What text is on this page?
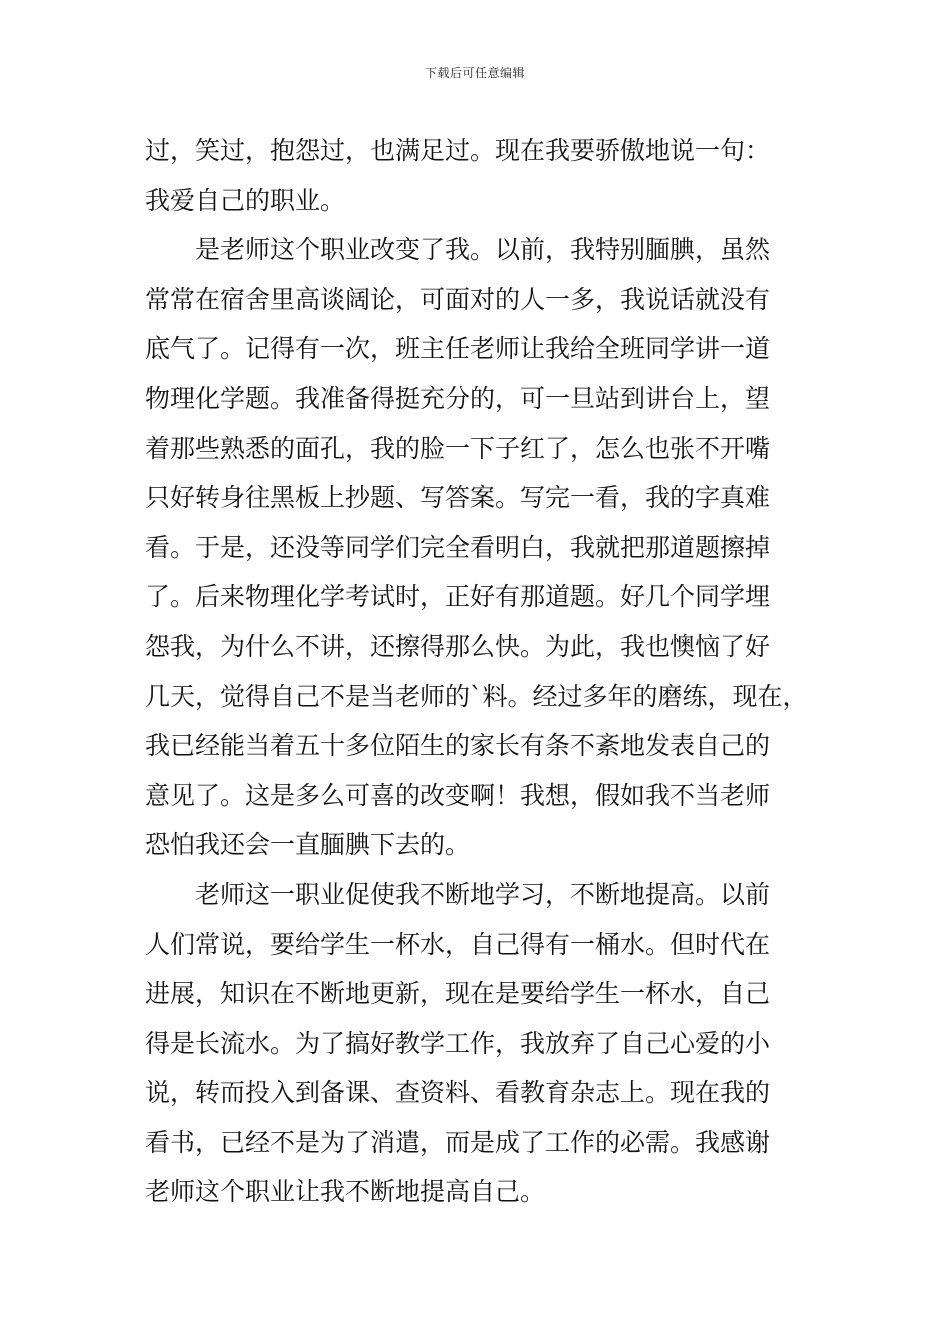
下载后可任意编辑
过，笑过，抱怨过，也满足过。现在我要骄傲地说一句：
我爱自己的职业。
是老师这个职业改变了我。以前，我特别腼腆，虽然
常常在宿舍里高谈阔论，可面对的人一多，我说话就没有
底气了。记得有一次，班主任老师让我给全班同学讲一道
物理化学题。我准备得挺充分的，可一旦站到讲台上，望
着那些熟悉的面孔，我的脸一下子红了，怎么也张不开嘴
只好转身往黑板上抄题、写答案。写完一看，我的字真难
看。于是，还没等同学们完全看明白，我就把那道题擦掉
了。后来物理化学考试时，正好有那道题。好几个同学埋
怨我，为什么不讲，还擦得那么快。为此，我也懊恼了好
几天，觉得自己不是当老师的`料。经过多年的磨练，现在，
我已经能当着五十多位陌生的家长有条不紊地发表自己的
意见了。这是多么可喜的改变啊！我想，假如我不当老师
恐怕我还会一直腼腆下去的。
老师这一职业促使我不断地学习，不断地提高。以前
人们常说，要给学生一杯水，自己得有一桶水。但时代在
进展，知识在不断地更新，现在是要给学生一杯水，自己
得是长流水。为了搞好教学工作，我放弃了自己心爱的小
说，转而投入到备课、查资料、看教育杂志上。现在我的
看书，已经不是为了消遣，而是成了工作的必需。我感谢
老师这个职业让我不断地提高自己。
